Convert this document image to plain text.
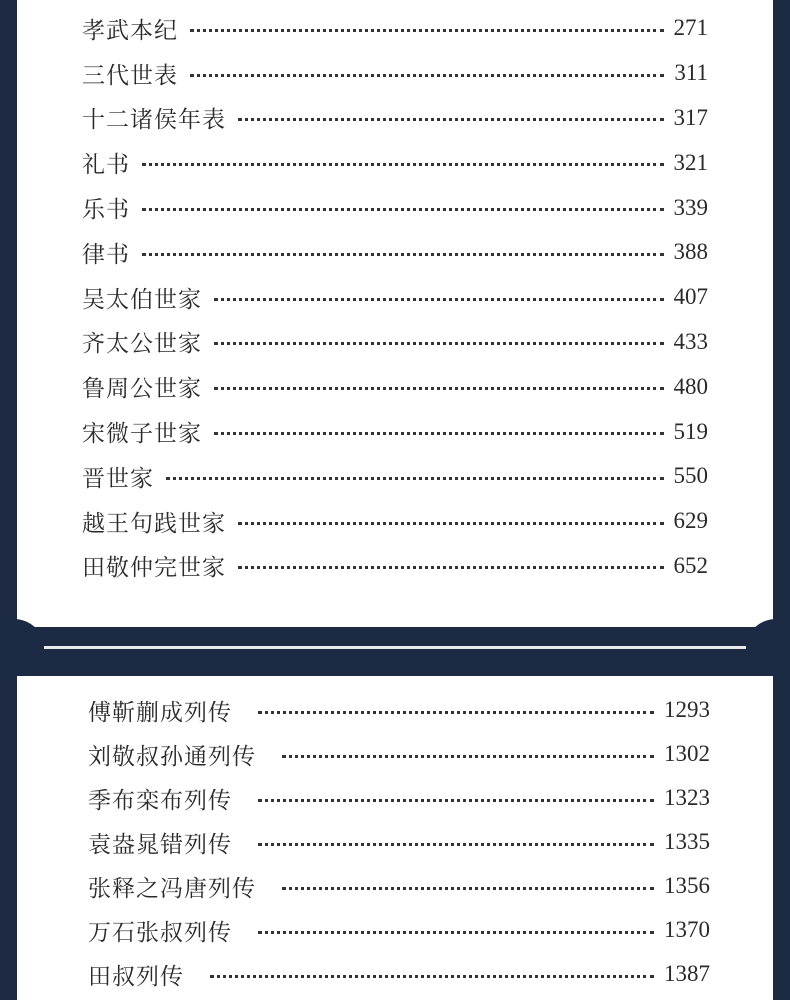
孝武本纪	271
三代世表	311
十二诸侯年表	317
礼书	321
乐书	339
律书	388
吴太伯世家	407
齐太公世家	433
鲁周公世家	480
宋微子世家	519
晋世家	550
越王句践世家	629
田敬仲完世家	652
傅靳蒯成列传	1293
刘敬叔孙通列传	1302
季布栾布列传	1323
袁盎晁错列传	1335
张释之冯唐列传	1356
万石张叔列传	1370
田叔列传	1387
